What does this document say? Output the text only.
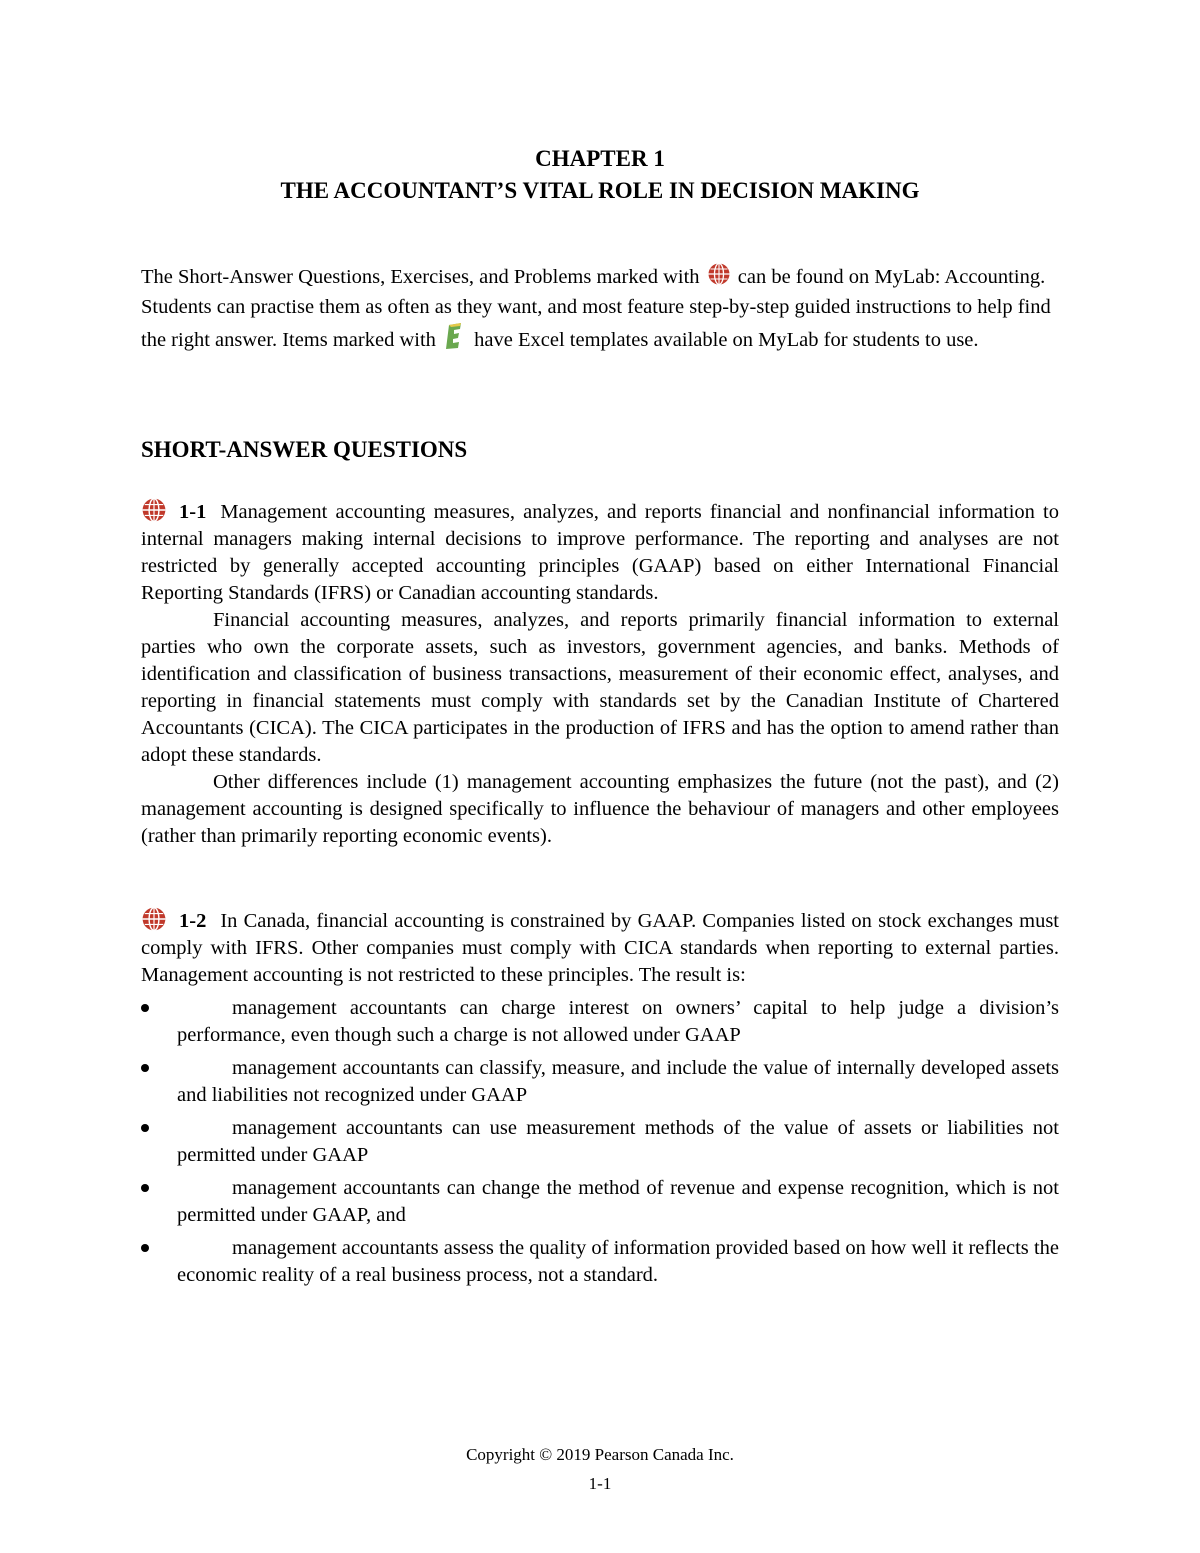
CHAPTER 1
THE ACCOUNTANT’S VITAL ROLE IN DECISION MAKING
The Short-Answer Questions, Exercises, and Problems marked with can be found on MyLab: Accounting. Students can practise them as often as they want, and most feature step-by-step guided instructions to help find the right answer. Items marked with have Excel templates available on MyLab for students to use.
SHORT-ANSWER QUESTIONS

1-1 Management accounting measures, analyzes, and reports financial and nonfinancial information to internal managers making internal decisions to improve performance. The reporting and analyses are not restricted by generally accepted accounting principles (GAAP) based on either International Financial Reporting Standards (IFRS) or Canadian accounting standards.

Financial accounting measures, analyzes, and reports primarily financial information to external parties who own the corporate assets, such as investors, government agencies, and banks. Methods of identification and classification of business transactions, measurement of their economic effect, analyses, and reporting in financial statements must comply with standards set by the Canadian Institute of Chartered Accountants (CICA). The CICA participates in the production of IFRS and has the option to amend rather than adopt these standards.

Other differences include (1) management accounting emphasizes the future (not the past), and (2) management accounting is designed specifically to influence the behaviour of managers and other employees (rather than primarily reporting economic events).

1-2 In Canada, financial accounting is constrained by GAAP. Companies listed on stock exchanges must comply with IFRS. Other companies must comply with CICA standards when reporting to external parties. Management accounting is not restricted to these principles. The result is:

management accountants can charge interest on owners’ capital to help judge a division’s performance, even though such a charge is not allowed under GAAP
management accountants can classify, measure, and include the value of internally developed assets and liabilities not recognized under GAAP
management accountants can use measurement methods of the value of assets or liabilities not permitted under GAAP
management accountants can change the method of revenue and expense recognition, which is not permitted under GAAP, and
management accountants assess the quality of information provided based on how well it reflects the economic reality of a real business process, not a standard.
Copyright © 2019 Pearson Canada Inc.
1-1
